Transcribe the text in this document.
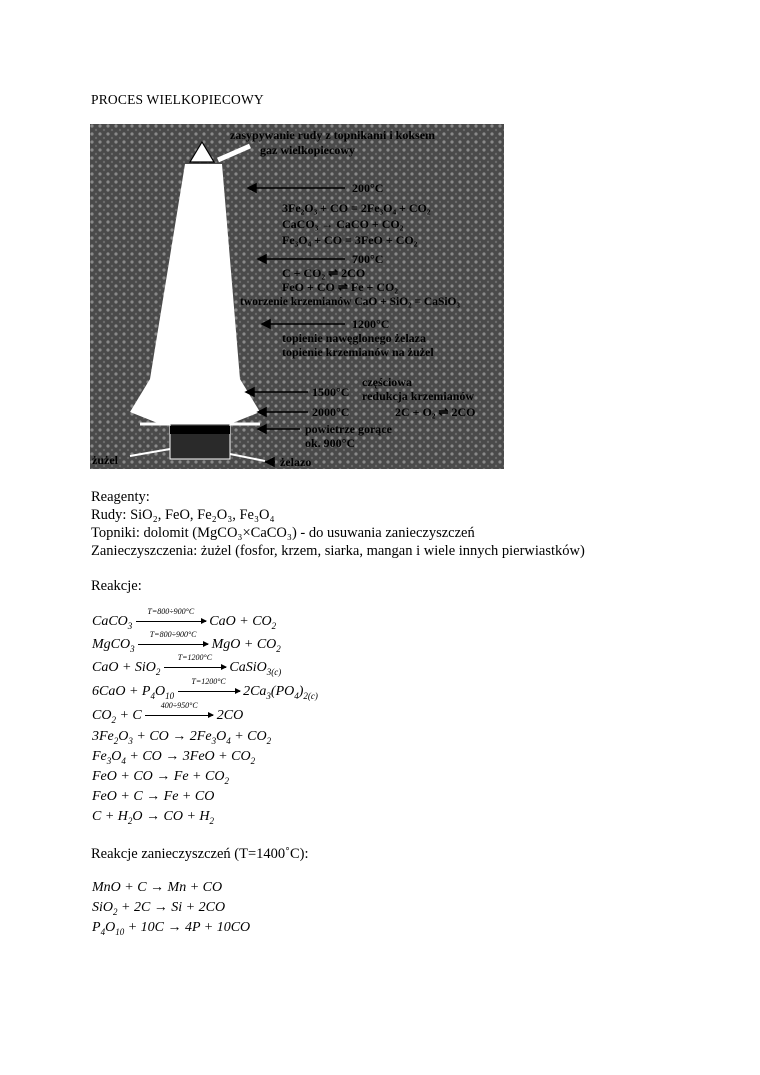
PROCES WIELKOPIECOWY
zasypywanie rudy z topnikami i koksem
gaz wielkopiecowy
200°C
3Fe₂O₃ + CO = 2Fe₃O₄ + CO₂
CaCO₃ → CaCO + CO₂
Fe₃O₄ + CO = 3FeO + CO₂
700°C
C + CO₂ ⇌ 2CO
FeO + CO ⇌ Fe + CO₂
tworzenie krzemianów CaO + SiO₂ = CaSiO₃
1200°C
topienie nawęglonego żelaza
topienie krzemianów na żużel
częściowa
redukcja krzemianów
1500°C
2000°C	2C + O₂ ⇌ 2CO
powietrze gorące
ok. 900°C
żużel	żelazo
Reagenty:
Rudy: SiO₂, FeO, Fe₂O₃, Fe₃O₄
Topniki: dolomit (MgCO₃×CaCO₃) - do usuwania zanieczyszczeń
Zanieczyszczenia: żużel (fosfor, krzem, siarka, mangan i wiele innych pierwiastków)
Reakcje:
CaCO$_3$
T=800÷900°C
CaO + $CO_2$
MgCO$_3$
T=800÷900°C
MgO + $CO_2$
CaO + SiO$_2$
T=1200°C
CaSiO$_{3(c)}$
$6CaO + P_4O_{10}$
T=1200°C
$2Ca_3(PO_4)_{2(c)}$
$CO_2 + C$
400÷950°C
2CO
$3Fe_2O_3$ + CO → $2Fe_3O_4 + CO_2$
$Fe_3O_4$ + CO → $3FeO + CO_2$
FeO + CO → $Fe + CO_2$
FeO + C → Fe + CO
$C + H_2O$ → CO + $H_2$
Reakcje zanieczyszczeń (T=1400˚C):
MnO + C → Mn + CO
SiO$_2$ + 2C → Si + 2CO
$P_4O_{10} + 10C \to 4P + 10CO$
